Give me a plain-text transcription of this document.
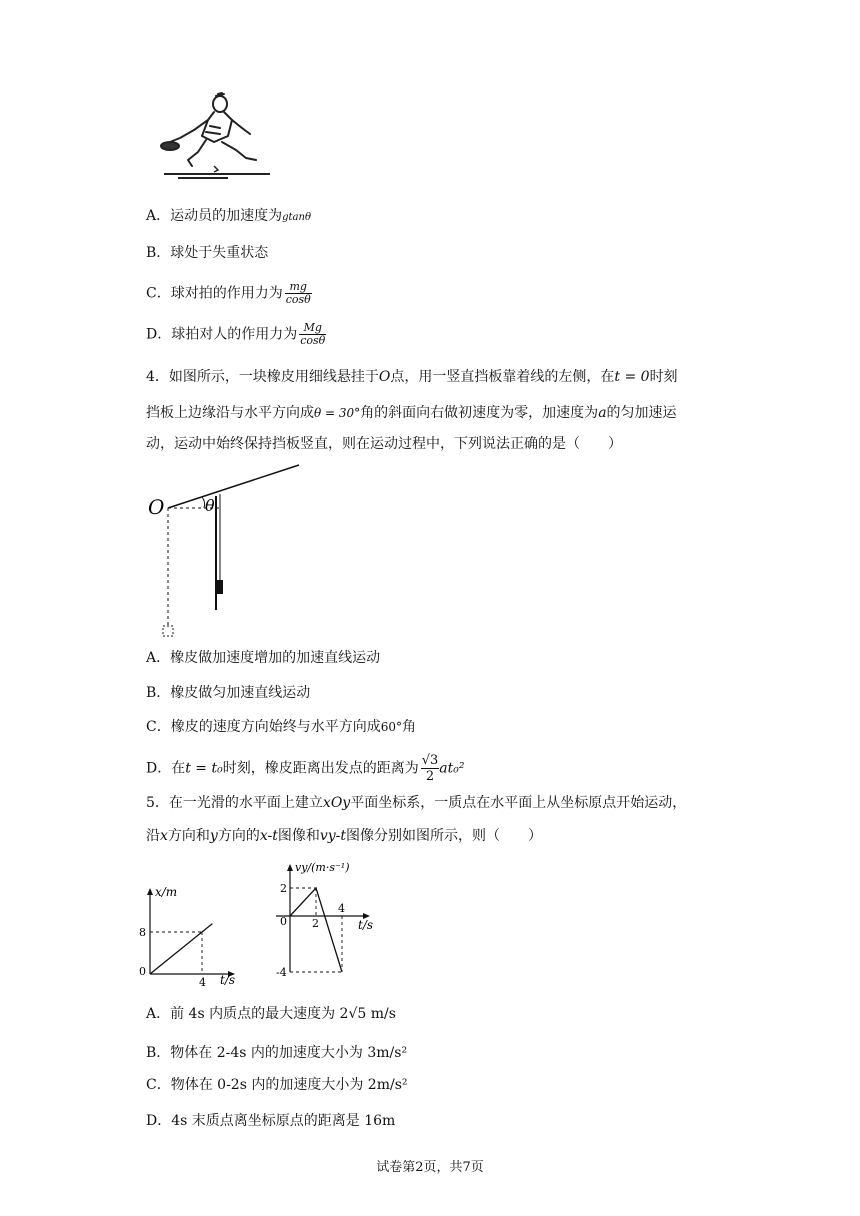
A．运动员的加速度为gtanθ
B．球处于失重状态
C．球对拍的作用力为 $\frac{mg}{\cos\theta}$
D．球拍对人的作用力为 $\frac{Mg}{\cos\theta}$
4．如图所示，一块橡皮用细线悬挂于O点，用一竖直挡板靠着线的左侧，在t = 0时刻
挡板上边缘沿与水平方向成θ = 30°角的斜面向右做初速度为零，加速度为a的匀加速运
动，运动中始终保持挡板竖直，则在运动过程中，下列说法正确的是（　　）
O	θ
A．橡皮做加速度增加的加速直线运动
B．橡皮做匀加速直线运动
C．橡皮的速度方向始终与水平方向成60°角
D．在t = t₀时刻，橡皮距离出发点的距离为 $\frac{√3}{2} at_0^2$
5．在一光滑的水平面上建立xOy平面坐标系，一质点在水平面上从坐标原点开始运动，
沿x方向和y方向的x-t图像和vy-t图像分别如图所示，则（　　）
x/m
t/s
0
4
8
vy/(m·s⁻¹)
t/s
0 2
4
2
-4
A．前 4s 内质点的最大速度为 2√5 m/s
B．物体在 2-4s 内的加速度大小为 3m/s²
C．物体在 0-2s 内的加速度大小为 2m/s²
D．4s 末质点离坐标原点的距离是 16m
试卷第2页，共7页
